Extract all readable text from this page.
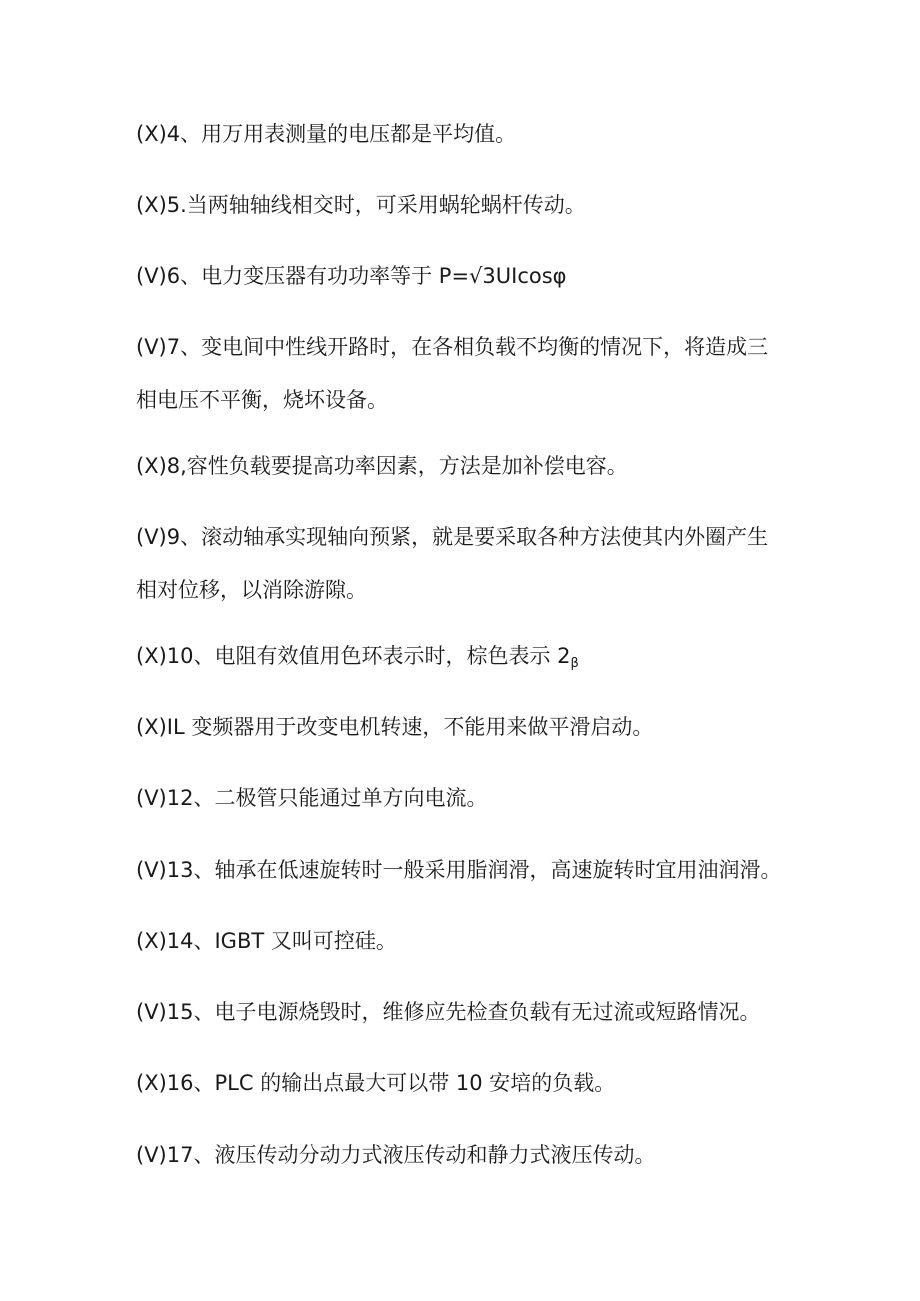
(X)4、用万用表测量的电压都是平均值。

(X)5.当两轴轴线相交时，可采用蜗轮蜗杆传动。

(V)6、电力变压器有功功率等于 P=√3UIcosφ

(V)7、变电间中性线开路时，在各相负载不均衡的情况下，将造成三相电压不平衡，烧坏设备。

(X)8,容性负载要提高功率因素，方法是加补偿电容。

(V)9、滚动轴承实现轴向预紧，就是要采取各种方法使其内外圈产生相对位移，以消除游隙。

(X)10、电阻有效值用色环表示时，棕色表示 $2_\beta$

(X)IL 变频器用于改变电机转速，不能用来做平滑启动。

(V)12、二极管只能通过单方向电流。

(V)13、轴承在低速旋转时一般采用脂润滑，高速旋转时宜用油润滑。

(X)14、IGBT 又叫可控硅。

(V)15、电子电源烧毁时，维修应先检查负载有无过流或短路情况。

(X)16、PLC 的输出点最大可以带 10 安培的负载。

(V)17、液压传动分动力式液压传动和静力式液压传动。
